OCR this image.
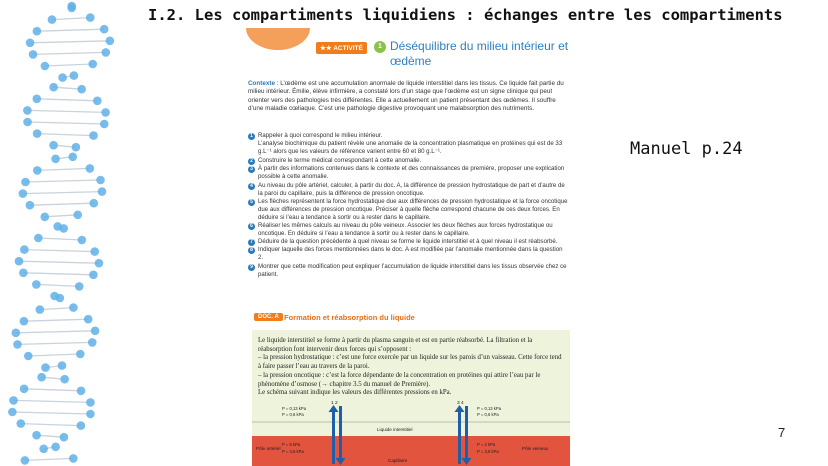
I.2. Les compartiments liquidiens : échanges entre les compartiments
★★ ACTIVITÉ	1 Déséquilibre du milieu intérieur et œdème
Contexte : L’œdème est une accumulation anormale de liquide interstitiel dans les tissus. Ce liquide fait partie du milieu intérieur. Émilie, élève infirmière, a constaté lors d’un stage que l’œdème est un signe clinique qui peut orienter vers des pathologies très différentes. Elle a actuellement un patient présentant des œdèmes. Il souffre d’une maladie cœliaque. C’est une pathologie digestive provoquant une malabsorption des nutriments.
1 Rappeler à quoi correspond le milieu intérieur.
L’analyse biochimique du patient révèle une anomalie de la concentration plasmatique en protéines qui est de 33 g.L⁻¹ alors que les valeurs de référence varient entre 60 et 80 g.L⁻¹.
2 Construire le terme médical correspondant à cette anomalie.
3 À partir des informations contenues dans le contexte et des connaissances de première, proposer une explication possible à cette anomalie.
4 Au niveau du pôle artériel, calculer, à partir du doc. A, la différence de pression hydrostatique de part et d’autre de la paroi du capillaire, puis la différence de pression oncotique.
5 Les flèches représentent la force hydrostatique due aux différences de pression hydrostatique et la force oncotique due aux différences de pression oncotique. Préciser à quelle flèche correspond chacune de ces deux forces. En déduire si l’eau a tendance à sortir ou à rester dans le capillaire.
6 Réaliser les mêmes calculs au niveau du pôle veineux. Associer les deux flèches aux forces hydrostatique ou oncotique. En déduire si l’eau a tendance à sortir ou à rester dans le capillaire.
7 Déduire de la question précédente à quel niveau se forme le liquide interstitiel et à quel niveau il est réabsorbé.
8 Indiquer laquelle des forces mentionnées dans le doc. A est modifiée par l’anomalie mentionnée dans la question 2.
9 Montrer que cette modification peut expliquer l’accumulation de liquide interstitiel dans les tissus observée chez ce patient.
DOC. A Formation et réabsorption du liquide
Le liquide interstitiel se forme à partir du plasma sanguin et est en partie réabsorbé. La filtration et la réabsorption font intervenir deux forces qui s’opposent :
– la pression hydrostatique : c’est une force exercée par un liquide sur les parois d’un vaisseau. Cette force tend à faire passer l’eau au travers de la paroi.
– la pression oncotique : c’est la force dépendante de la concentration en protéines qui attire l’eau par le phénomène d’osmose (→ chapitre 3.5 du manuel de Première).
Le schéma suivant indique les valeurs des différentes pressions en kPa.
Liquide interstitiel
Capillaire
Pôle artériel	Pôle veineux
1 2	3 4
P = 0,13 kPa
P = 0,6 kPa
P = 0,13 kPa
P = 0,6 kPa
P = 5 kPa
P = 3,6 kPa
P = 2 kPa
P = 3,6 kPa
Manuel p.24
7
